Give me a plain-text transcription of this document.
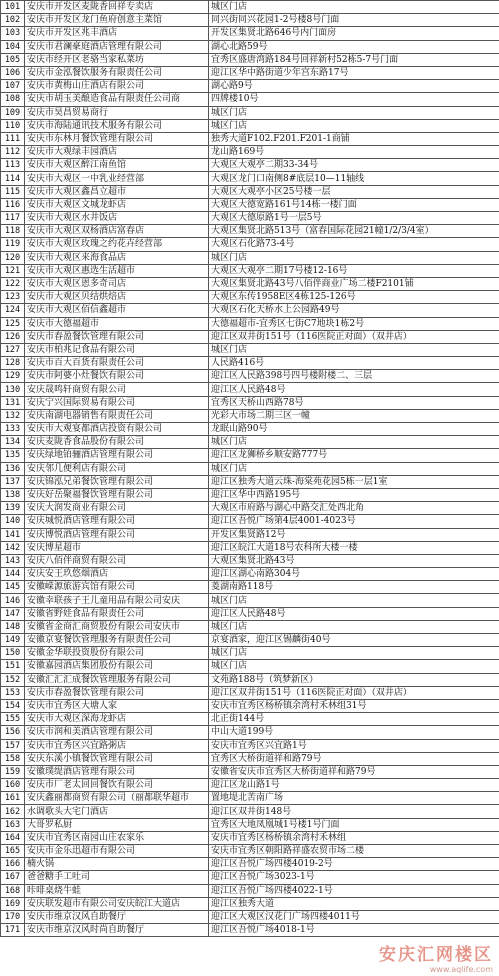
101	安庆市开发区麦陇香回祥专卖店	城区门店
102	安庆市开发区龙门鱼府创意主菜馆	同兴街同兴花园1-2号楼8号门面
103	安庆市开发区兆丰酒店	开发区集贤北路646号内门面房
104	安庆市君澜豪庭酒店管理有限公司	湖心北路59号
105	安庆市经开区老骆当家私菜坊	宜秀区盛唐湾路184号回祥新村52栋5-7号门面
106	安庆市金泓餐饮服务有限责任公司	迎江区华中路街道少年宫东路17号
107	安庆市黄梅山庄酒店有限公司	湖心路9号
108	安庆市胡玉美酿造食品有限责任公司商	四牌楼10号
109	安庆市昊昌贸易商行	城区门店
110	安庆市海陆通讯技术服务有限公司	城区门店
111	安庆市东林月餐饮管理有限公司	独秀大道F102.F201.F201-1商铺
112	安庆市大观绿丰园酒店	龙山路169号
113	安庆市大观区醉江南鱼馆	大观区大观亭二期33-34号
114	安庆市大观区一中乳业经营部	大观区龙门口南侧8#底层10—11轴线
115	安庆市大观区鑫昌立超市	大观区大观亭小区25号楼一层
116	安庆市大观区文城龙虾店	大观区大德宽路161号14栋一楼门面
117	安庆市大观区水井饭店	大观区大德原路1号一层5号
118	安庆市大观区双杨酒店富春店	大观区集贤北路513号（富春国际花园21幢1/2/3/4室）
119	安庆市大观区玫瑰之约花卉经营部	大观区石化路73-4号
120	安庆市大观区来海食品店	城区门店
121	安庆市大观区惠选生活超市	大观区大观亭二期17号楼12-16号
122	安庆市大观区恩多奇司店	大观区集贤北路43号八佰伴商业广场二楼F2101铺
123	安庆市大观区贝结烘焙店	大观区东传1958E区4栋125-126号
124	安庆市大观区佰信鑫超市	大观区石化天桥水上公园路49号
125	安庆市大德福超市	大德福超市-宜秀区七街C7地块1栋2号
126	安庆市春盈餐饮管理有限公司	迎江区双井街151号（116医院正对面）（双井店）
127	安庆市柏兆记食品有限公司	城区门店
128	安庆市百大百货有限责任公司	人民路416号
129	安庆市阿婆小灶餐饮有限公司	迎江区人民路398号四号楼附楼二、三层
130	安庆晟鸣轩商贸有限公司	迎江区人民路48号
131	安庆宁兴国际贸易有限公司	宜秀区天桥山西路78号
132	安庆南湖电器销售有限责任公司	光彩大市场二期三区一幢
133	安庆市大观宴都酒店投资有限公司	龙眠山路90号
134	安庆麦陇香食品股份有限公司	城区门店
135	安庆绿地铂骊酒店管理有限公司	迎江区龙狮桥乡顺安路777号
136	安庆邻几便利店有限公司	城区门店
137	安庆锦泓兄弟餐饮管理有限公司	迎江区独秀大道云珠-海棠苑花园5栋一层1室
138	安庆好岳聚福餐饮管理有限公司	迎江区华中西路195号
139	安庆大润发商业有限公司	大观区市府路与湖心中路交汇处西北角
140	安庆城悦酒店管理有限公司	迎江区吾悦广场第4层4001-4023号
141	安庆博悦酒店管理有限公司	开发区集贤路12号
142	安庆博星超市	迎江区皖江大道18号农科所大楼一楼
143	安庆八佰伴商贸有限公司	大观区集贤北路43号
144	安庆安王玖悠烟酒店	迎江区湖心南路304号
145	安徽嵘源旅游宾馆有限公司	菱湖南路118号
146	安徽幸联孩子王儿童用品有限公司安庆	城区门店
147	安徽省野娃食品有限责任公司	迎江区人民路48号
148	安徽省金商汇商贸股份有限公司安庆市	城区门店
149	安徽京宴餐饮管理服务有限责任公司	京宴酒家，迎江区锡麟街40号
150	安徽金华联投资股份有限公司	城区门店
151	安徽嘉园酒店集团股份有限公司	城区门店
152	安徽汇汇汇成餐饮管理服务有限公司	文苑路188号（筑梦新区）
153	安庆市春盈餐饮管理有限公司	迎江区双井街151号（116医院正对面）（双井店）
154	安庆市宜秀区大塘人家	安庆市宜秀区杨桥镇余湾村禾林组31号
155	安庆市大观区深海龙虾店	北正街144号
156	安庆市润和美酒店管理有限公司	中山大道199号
157	安庆市宜秀区兴宜路粥店	安庆市宜秀区兴宜路1号
158	安庆东溪小镇餐饮管理有限公司	宜秀区大桥街道祥和路79号
159	安徽璞缇酒店管理有限公司	安徽省安庆市宜秀区大桥街道祥和路79号
160	安庆市厂老太回回餐饮有限公司	迎江区龙山路1号
161	安庆鑫丽都商贸有限公司（丽都联华超市	置地堤北苦南广场
162	水调歌头大宅门酒店	迎江区双井街148号
163	大哥罗私厨	宜秀区大地凤凰城1号楼1号门面
164	安庆市宜秀区南园山庄农家乐	安庆市宜秀区杨桥镇余湾村禾林组
165	安庆市金乐迅超市有限公司	安庆市宜秀区朝阳路祥盛农贸市场二楼
166	楠火锅	迎江区吾悦广场四楼4019-2号
167	爸爸糖手工吐司	迎江区吾悦广场3023-1号
168	咔啡桌烧牛蛙	迎江区吾悦广场四楼4022-1号
169	安庆联发超市有限公司安庆皖江大道店	迎江区独秀大道
170	安庆市维京汉风自助餐厅	迎江区大观区汉花门广场四楼4011号
171	安庆市维京汉风时尚自助餐厅	迎江区吾悦广场4018-1号
安庆汇网楼区
www.aqlife.com
